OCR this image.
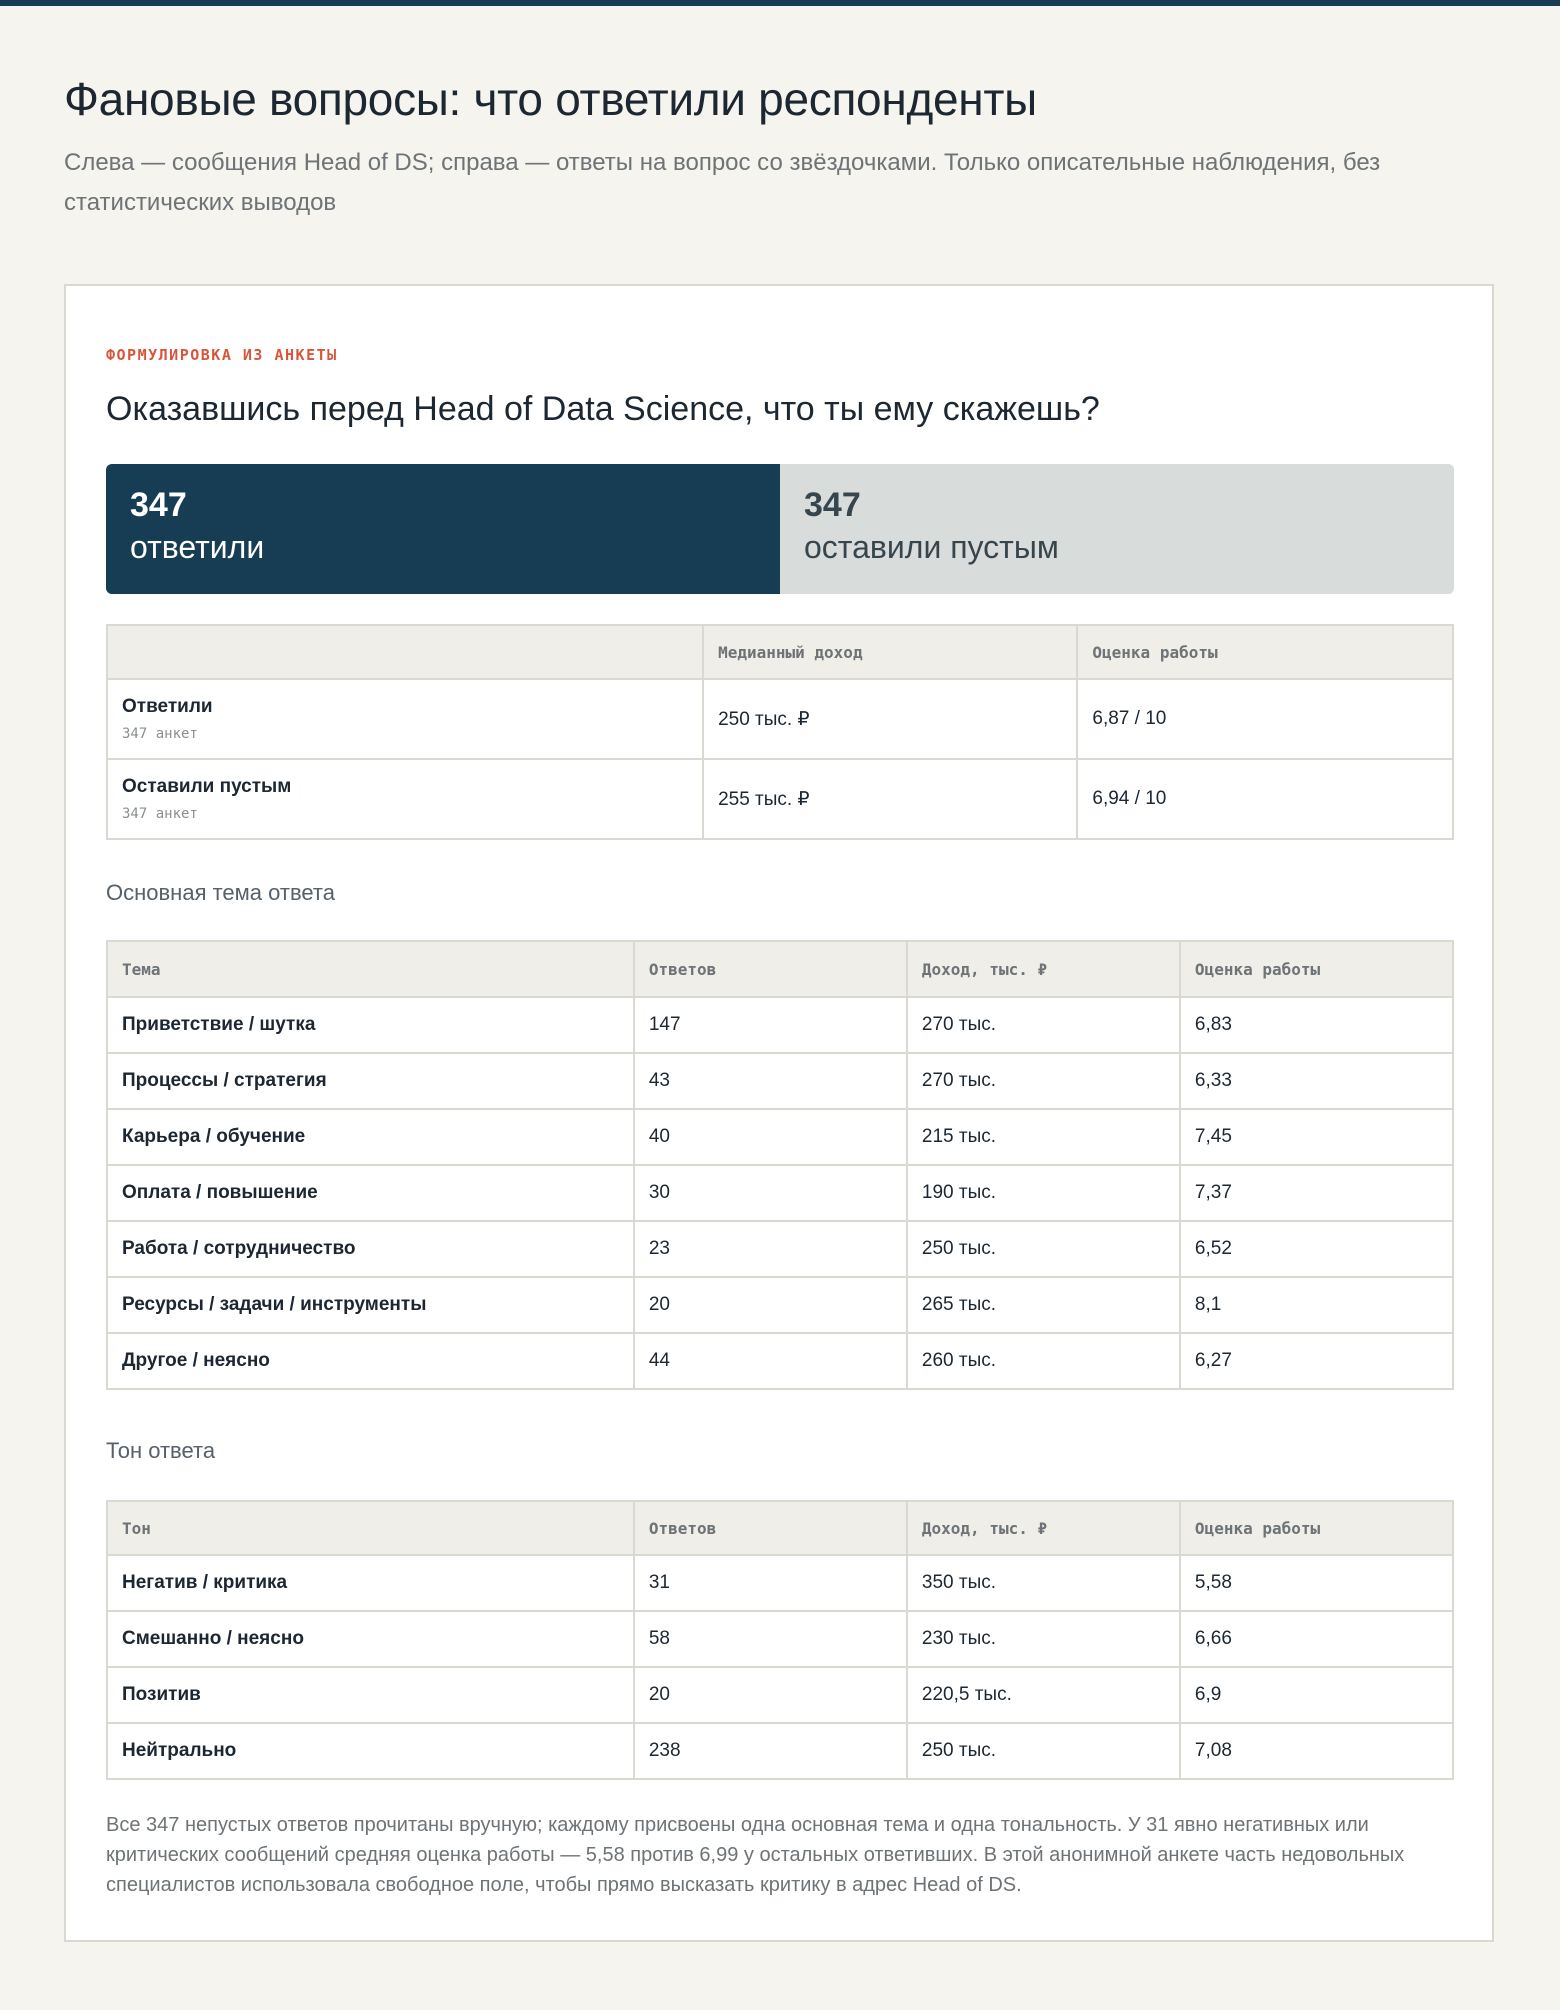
Фановые вопросы: что ответили респонденты

Слева — сообщения Head of DS; справа — ответы на вопрос со звёздочками. Только описательные наблюдения, без статистических выводов

ФОРМУЛИРОВКА ИЗ АНКЕТЫ
Оказавшись перед Head of Data Science, что ты ему скажешь?
347
ответили
347
оставили пустым
	Медианный доход	Оценка работы
Ответили
347 анкет	250 тыс. ₽	6,87 / 10
Оставили пустым
347 анкет	255 тыс. ₽	6,94 / 10
Основная тема ответа
Тема	Ответов	Доход, тыс. ₽	Оценка работы
Приветствие / шутка	147	270 тыс.	6,83
Процессы / стратегия	43	270 тыс.	6,33
Карьера / обучение	40	215 тыс.	7,45
Оплата / повышение	30	190 тыс.	7,37
Работа / сотрудничество	23	250 тыс.	6,52
Ресурсы / задачи / инструменты	20	265 тыс.	8,1
Другое / неясно	44	260 тыс.	6,27
Тон ответа
Тон	Ответов	Доход, тыс. ₽	Оценка работы
Негатив / критика	31	350 тыс.	5,58
Смешанно / неясно	58	230 тыс.	6,66
Позитив	20	220,5 тыс.	6,9
Нейтрально	238	250 тыс.	7,08

Все 347 непустых ответов прочитаны вручную; каждому присвоены одна основная тема и одна тональность. У 31 явно негативных или критических сообщений средняя оценка работы — 5,58 против 6,99 у остальных ответивших. В этой анонимной анкете часть недовольных специалистов использовала свободное поле, чтобы прямо высказать критику в адрес Head of DS.
